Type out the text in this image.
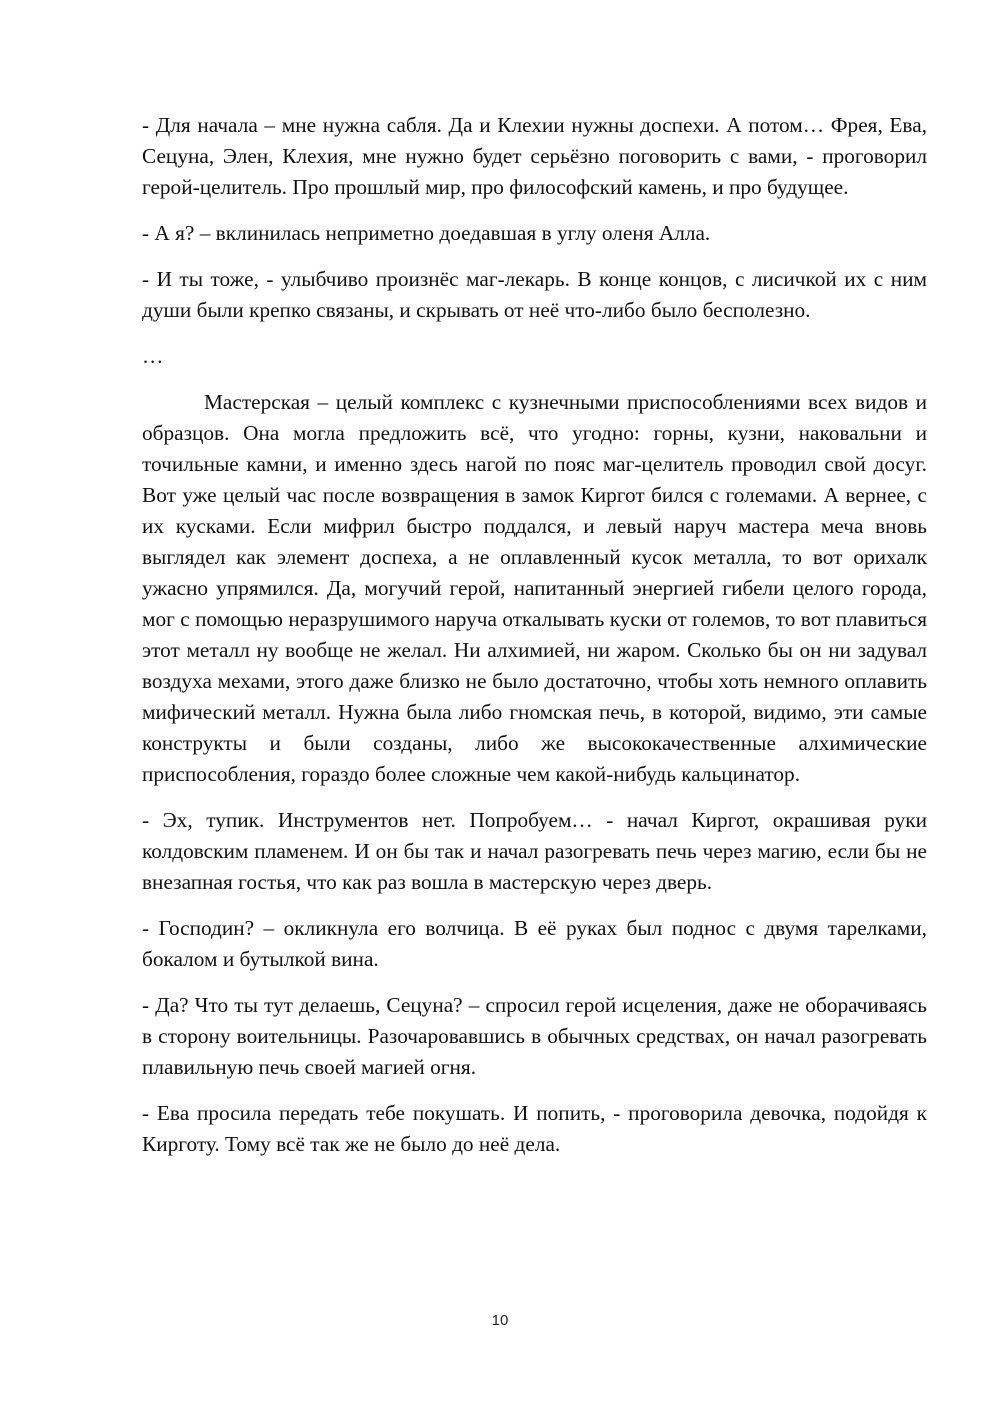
- Для начала – мне нужна сабля. Да и Клехии нужны доспехи. А потом… Фрея, Ева, Сецуна, Элен, Клехия, мне нужно будет серьёзно поговорить с вами, - проговорил герой-целитель. Про прошлый мир, про философский камень, и про будущее.

- А я? – вклинилась неприметно доедавшая в углу оленя Алла.

- И ты тоже, - улыбчиво произнёс маг-лекарь. В конце концов, с лисичкой их с ним души были крепко связаны, и скрывать от неё что-либо было бесполезно.

…

Мастерская – целый комплекс с кузнечными приспособлениями всех видов и образцов. Она могла предложить всё, что угодно: горны, кузни, наковальни и точильные камни, и именно здесь нагой по пояс маг-целитель проводил свой досуг. Вот уже целый час после возвращения в замок Киргот бился с големами. А вернее, с их кусками. Если мифрил быстро поддался, и левый наруч мастера меча вновь выглядел как элемент доспеха, а не оплавленный кусок металла, то вот орихалк ужасно упрямился. Да, могучий герой, напитанный энергией гибели целого города, мог с помощью неразрушимого наруча откалывать куски от големов, то вот плавиться этот металл ну вообще не желал. Ни алхимией, ни жаром. Сколько бы он ни задувал воздуха мехами, этого даже близко не было достаточно, чтобы хоть немного оплавить мифический металл. Нужна была либо гномская печь, в которой, видимо, эти самые конструкты и были созданы, либо же высококачественные алхимические приспособления, гораздо более сложные чем какой-нибудь кальцинатор.

- Эх, тупик. Инструментов нет. Попробуем… - начал Киргот, окрашивая руки колдовским пламенем. И он бы так и начал разогревать печь через магию, если бы не внезапная гостья, что как раз вошла в мастерскую через дверь.

- Господин? – окликнула его волчица. В её руках был поднос с двумя тарелками, бокалом и бутылкой вина.

- Да? Что ты тут делаешь, Сецуна? – спросил герой исцеления, даже не оборачиваясь в сторону воительницы. Разочаровавшись в обычных средствах, он начал разогревать плавильную печь своей магией огня.

- Ева просила передать тебе покушать. И попить, - проговорила девочка, подойдя к Кирготу. Тому всё так же не было до неё дела.

10
